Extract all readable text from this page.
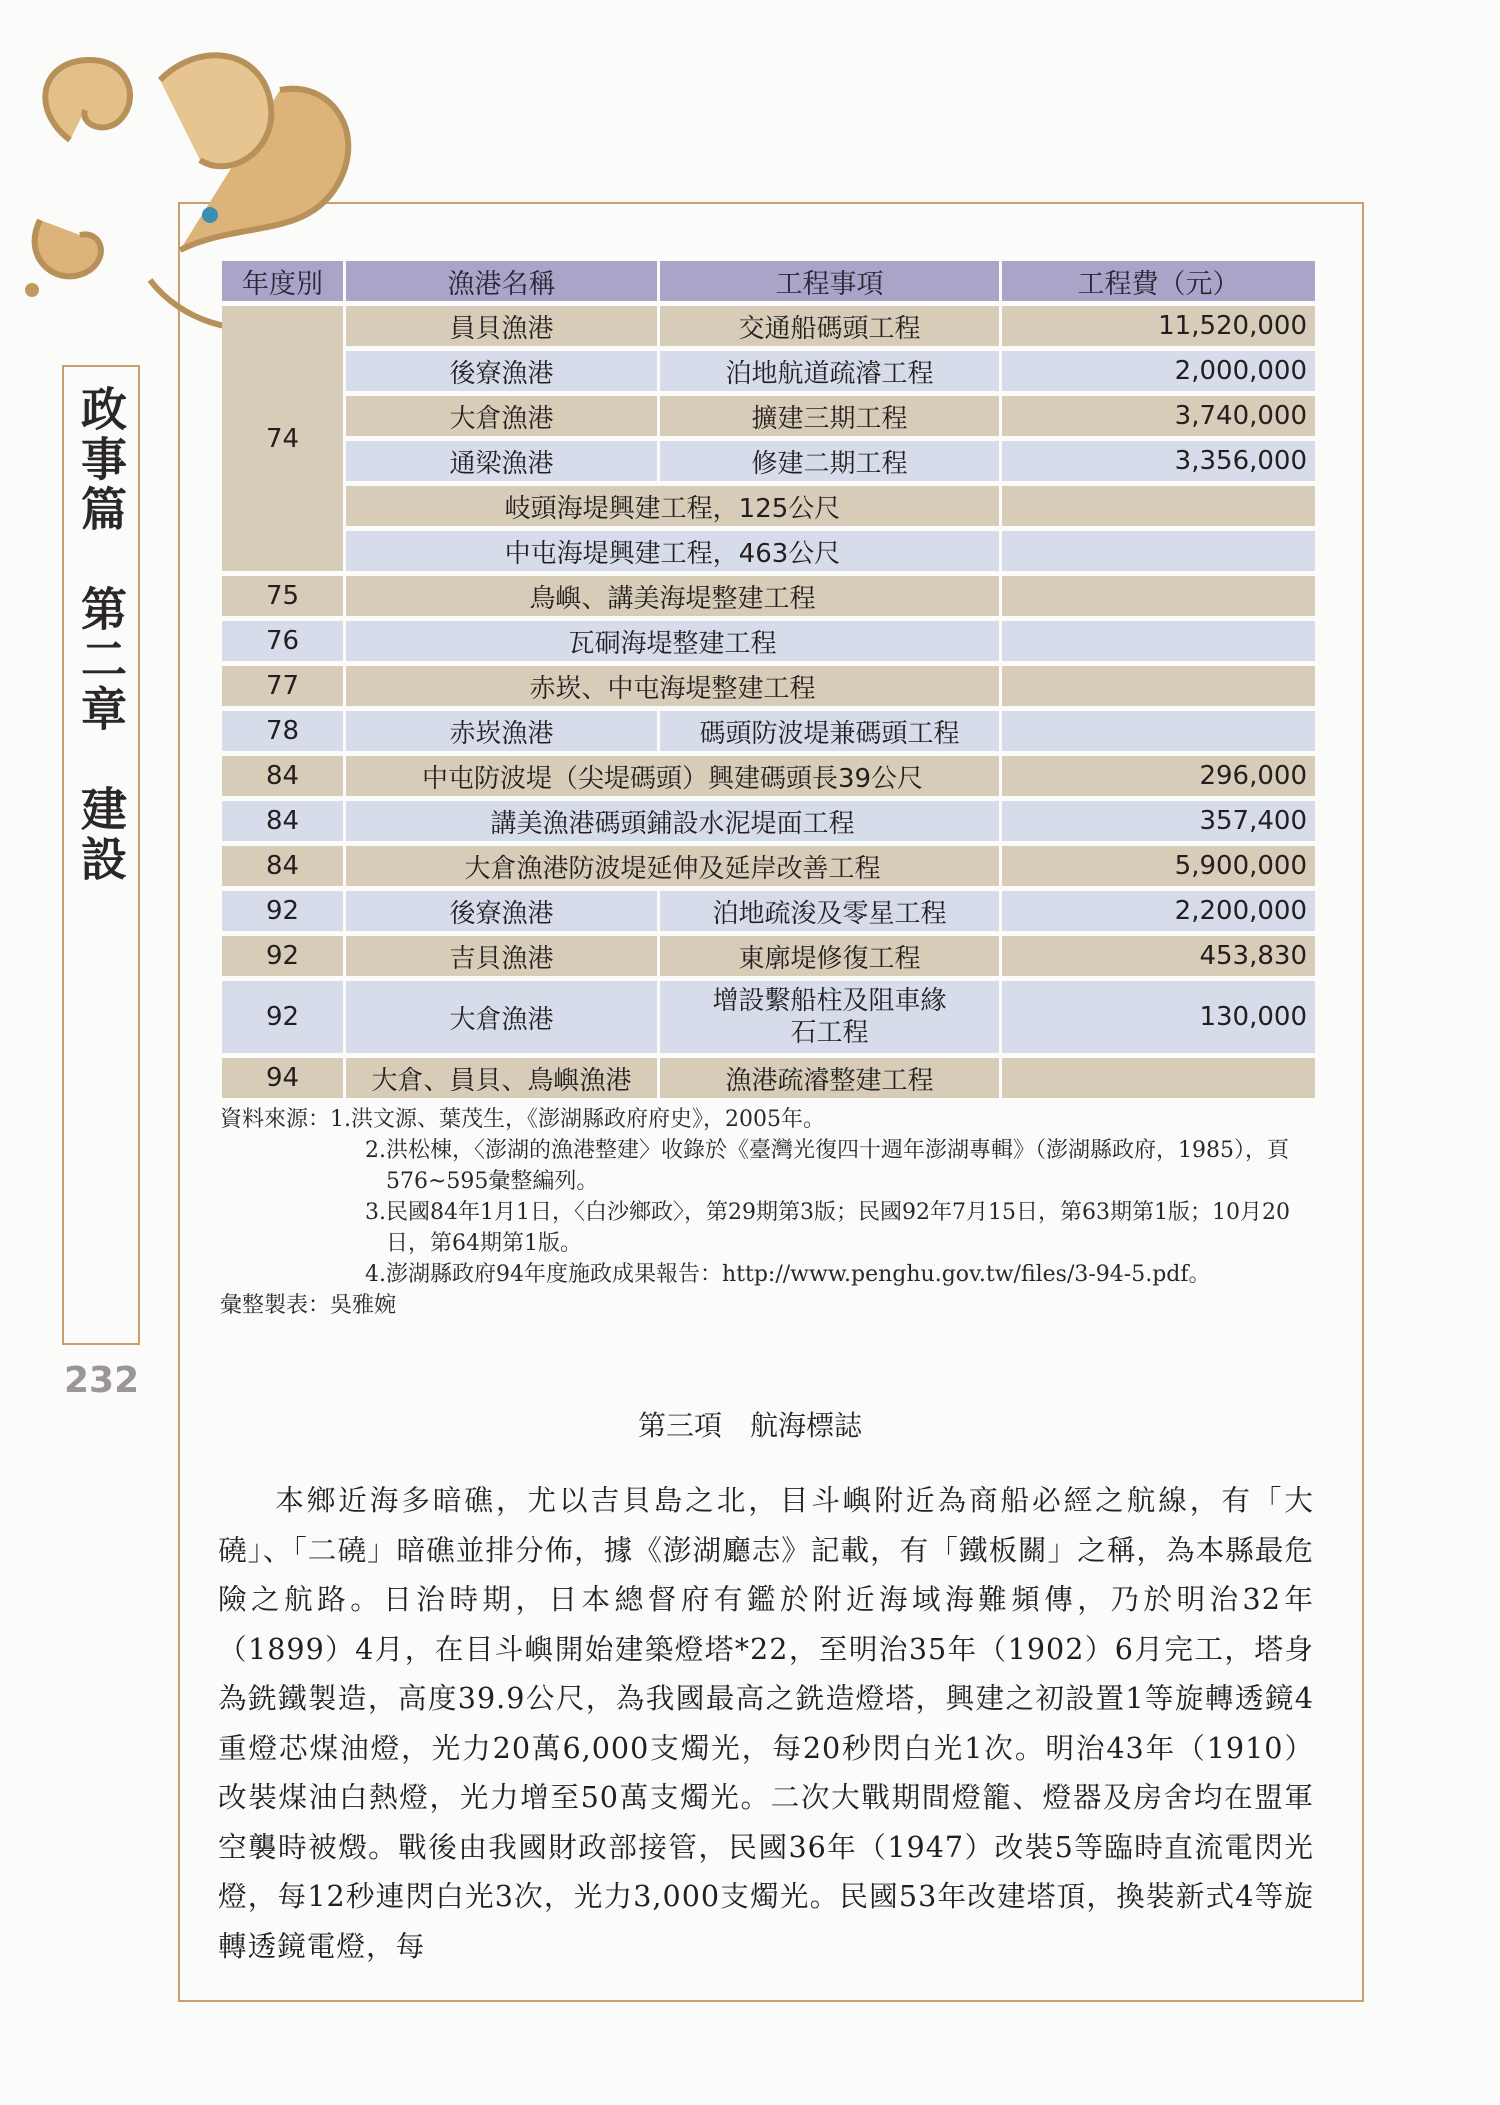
政事篇　第二章　建設
232
年度別	漁港名稱	工程事項	工程費（元）
74	員貝漁港	交通船碼頭工程	11,520,000
	後寮漁港	泊地航道疏濬工程	2,000,000
	大倉漁港	擴建三期工程	3,740,000
	通梁漁港	修建二期工程	3,356,000
	岐頭海堤興建工程，125公尺		
	中屯海堤興建工程，463公尺		
75	鳥嶼、講美海堤整建工程		
76	瓦硐海堤整建工程		
77	赤崁、中屯海堤整建工程		
78	赤崁漁港	碼頭防波堤兼碼頭工程	
84	中屯防波堤（尖堤碼頭）興建碼頭長39公尺		296,000
84	講美漁港碼頭鋪設水泥堤面工程		357,400
84	大倉漁港防波堤延伸及延岸改善工程		5,900,000
92	後寮漁港	泊地疏浚及零星工程	2,200,000
92	吉貝漁港	東廓堤修復工程	453,830
92	大倉漁港	增設繫船柱及阻車緣石工程	130,000
94	大倉、員貝、鳥嶼漁港	漁港疏濬整建工程	
資料來源：1.洪文源、葉茂生，《澎湖縣政府府史》，2005年。
2.洪松棟，〈澎湖的漁港整建〉收錄於《臺灣光復四十週年澎湖專輯》（澎湖縣政府，1985），頁576~595彙整編列。
3.民國84年1月1日，〈白沙鄉政〉，第29期第3版；民國92年7月15日，第63期第1版；10月20日，第64期第1版。
4.澎湖縣政府94年度施政成果報告：http://www.penghu.gov.tw/files/3-94-5.pdf。
彙整製表：吳雅婉
第三項　航海標誌
本鄉近海多暗礁，尤以吉貝島之北，目斗嶼附近為商船必經之航線，有「大磽」、「二磽」暗礁並排分佈，據《澎湖廳志》記載，有「鐵板關」之稱，為本縣最危險之航路。日治時期，日本總督府有鑑於附近海域海難頻傳，乃於明治32年（1899）4月，在目斗嶼開始建築燈塔*22，至明治35年（1902）6月完工，塔身為銑鐵製造，高度39.9公尺，為我國最高之銑造燈塔，興建之初設置1等旋轉透鏡4重燈芯煤油燈，光力20萬6,000支燭光，每20秒閃白光1次。明治43年（1910）改裝煤油白熱燈，光力增至50萬支燭光。二次大戰期間燈籠、燈器及房舍均在盟軍空襲時被燬。戰後由我國財政部接管，民國36年（1947）改裝5等臨時直流電閃光燈，每12秒連閃白光3次，光力3,000支燭光。民國53年改建塔頂，換裝新式4等旋轉透鏡電燈，每
